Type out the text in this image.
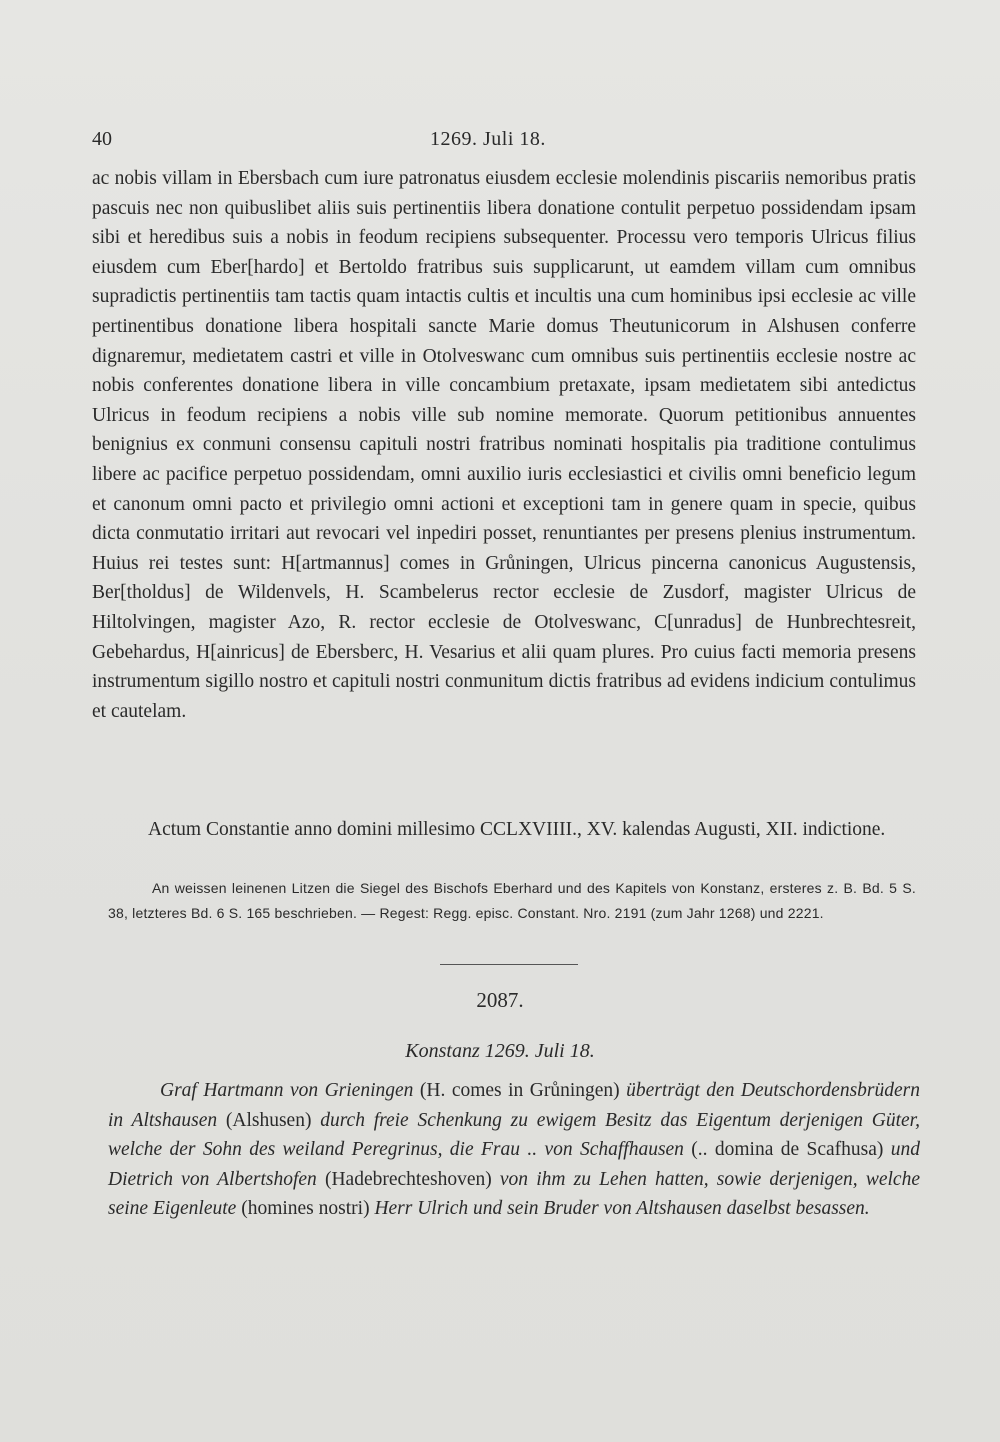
40	1269. Juli 18.

ac nobis villam in Ebersbach cum iure patronatus eiusdem ecclesie molendinis piscariis nemoribus pratis pascuis nec non quibuslibet aliis suis pertinentiis libera donatione contulit perpetuo possidendam ipsam sibi et heredibus suis a nobis in feodum recipiens subsequenter. Processu vero temporis Ulricus filius eiusdem cum Eber[hardo] et Bertoldo fratribus suis supplicarunt, ut eamdem villam cum omnibus supradictis pertinentiis tam tactis quam intactis cultis et incultis una cum hominibus ipsi ecclesie ac ville pertinentibus donatione libera hospitali sancte Marie domus Theutunicorum in Alshusen conferre dignaremur, medietatem castri et ville in Otolveswanc cum omnibus suis pertinentiis ecclesie nostre ac nobis conferentes donatione libera in ville concambium pretaxate, ipsam medietatem sibi antedictus Ulricus in feodum recipiens a nobis ville sub nomine memorate. Quorum petitionibus annuentes benignius ex conmuni consensu capituli nostri fratribus nominati hospitalis pia traditione contulimus libere ac pacifice perpetuo possidendam, omni auxilio iuris ecclesiastici et civilis omni beneficio legum et canonum omni pacto et privilegio omni actioni et exceptioni tam in genere quam in specie, quibus dicta conmutatio irritari aut revocari vel inpediri posset, renuntiantes per presens plenius instrumentum. Huius rei testes sunt: H[artmannus] comes in Grůningen, Ulricus pincerna canonicus Augustensis, Ber[tholdus] de Wildenvels, H. Scambelerus rector ecclesie de Zusdorf, magister Ulricus de Hiltolvingen, magister Azo, R. rector ecclesie de Otolveswanc, C[unradus] de Hunbrechtesreit, Gebehardus, H[ainricus] de Ebersberc, H. Vesarius et alii quam plures. Pro cuius facti memoria presens instrumentum sigillo nostro et capituli nostri conmunitum dictis fratribus ad evidens indicium contulimus et cautelam.

Actum Constantie anno domini millesimo CCLXVIIII., XV. kalendas Augusti, XII. indictione.

An weissen leinenen Litzen die Siegel des Bischofs Eberhard und des Kapitels von Konstanz, ersteres z. B. Bd. 5 S. 38, letzteres Bd. 6 S. 165 beschrieben. — Regest: Regg. episc. Constant. Nro. 2191 (zum Jahr 1268) und 2221.

2087.
Konstanz 1269. Juli 18.

Graf Hartmann von Grieningen (H. comes in Grůningen) überträgt den Deutschordensbrüdern in Altshausen (Alshusen) durch freie Schenkung zu ewigem Besitz das Eigentum derjenigen Güter, welche der Sohn des weiland Peregrinus, die Frau .. von Schaffhausen (.. domina de Scafhusa) und Dietrich von Albertshofen (Hadebrechteshoven) von ihm zu Lehen hatten, sowie derjenigen, welche seine Eigenleute (homines nostri) Herr Ulrich und sein Bruder von Altshausen daselbst besassen.
